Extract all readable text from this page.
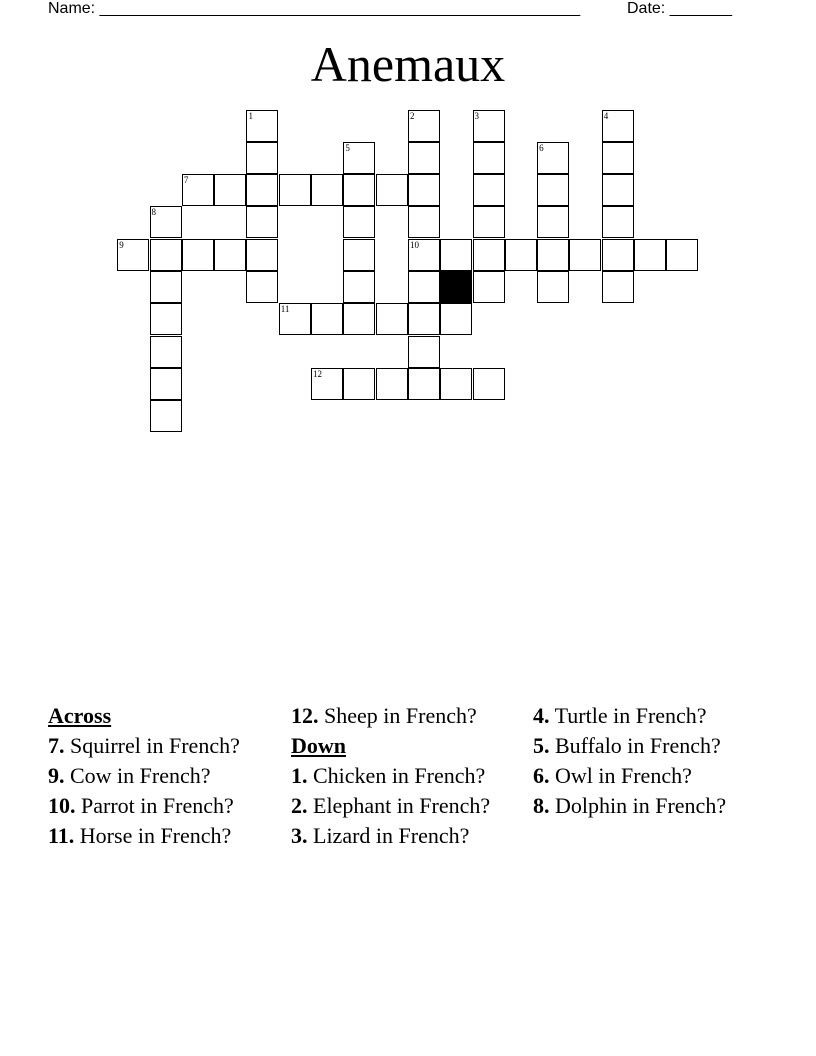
Name: ______________________________________________________	Date: _______
Anemaux
1	2	3	4
5	6
7
8
9	10
11
12
Across
7. Squirrel in French?
9. Cow in French?
10. Parrot in French?
11. Horse in French?
12. Sheep in French?
Down
1. Chicken in French?
2. Elephant in French?
3. Lizard in French?
4. Turtle in French?
5. Buffalo in French?
6. Owl in French?
8. Dolphin in French?
